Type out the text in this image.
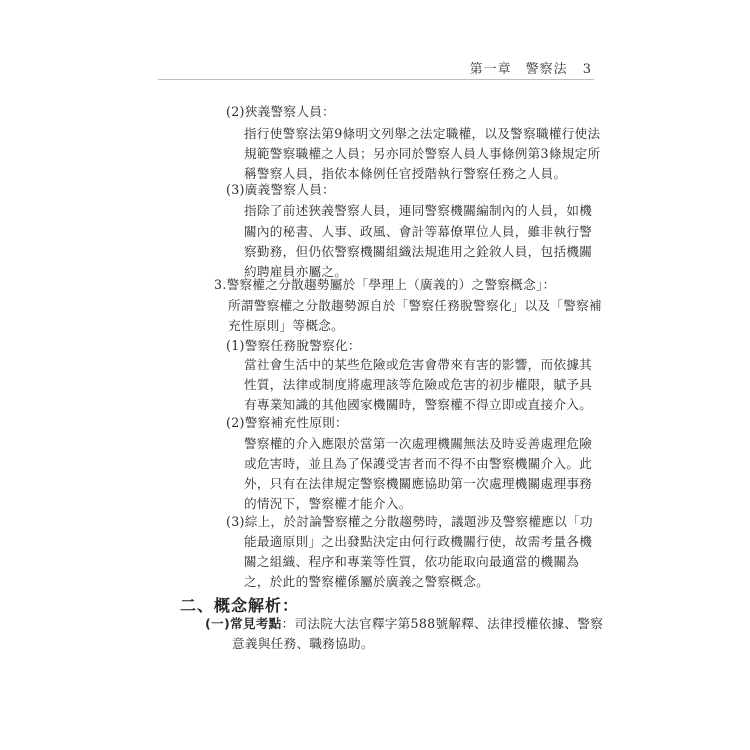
第一章　警察法 3
(2)狹義警察人員：
指行使警察法第9條明文列舉之法定職權，以及警察職權行使法
規範警察職權之人員；另亦同於警察人員人事條例第3條規定所
稱警察人員，指依本條例任官授階執行警察任務之人員。
(3)廣義警察人員：
指除了前述狹義警察人員，連同警察機關編制內的人員，如機
關內的秘書、人事、政風、會計等幕僚單位人員，雖非執行警
察勤務，但仍依警察機關組織法規進用之銓敘人員，包括機關
約聘雇員亦屬之。
3.警察權之分散趨勢屬於「學理上（廣義的）之警察概念」：
所謂警察權之分散趨勢源自於「警察任務脫警察化」以及「警察補
充性原則」等概念。
(1)警察任務脫警察化：
當社會生活中的某些危險或危害會帶來有害的影響，而依據其
性質，法律或制度將處理該等危險或危害的初步權限，賦予具
有專業知識的其他國家機關時，警察權不得立即或直接介入。
(2)警察補充性原則：
警察權的介入應限於當第一次處理機關無法及時妥善處理危險
或危害時，並且為了保護受害者而不得不由警察機關介入。此
外，只有在法律規定警察機關應協助第一次處理機關處理事務
的情況下，警察權才能介入。
(3)綜上，於討論警察權之分散趨勢時，議題涉及警察權應以「功
能最適原則」之出發點決定由何行政機關行使，故需考量各機
關之組織、程序和專業等性質，依功能取向最適當的機關為
之，於此的警察權係屬於廣義之警察概念。
二、概念解析：
(一)常見考點：司法院大法官釋字第588號解釋、法律授權依據、警察
意義與任務、職務協助。
